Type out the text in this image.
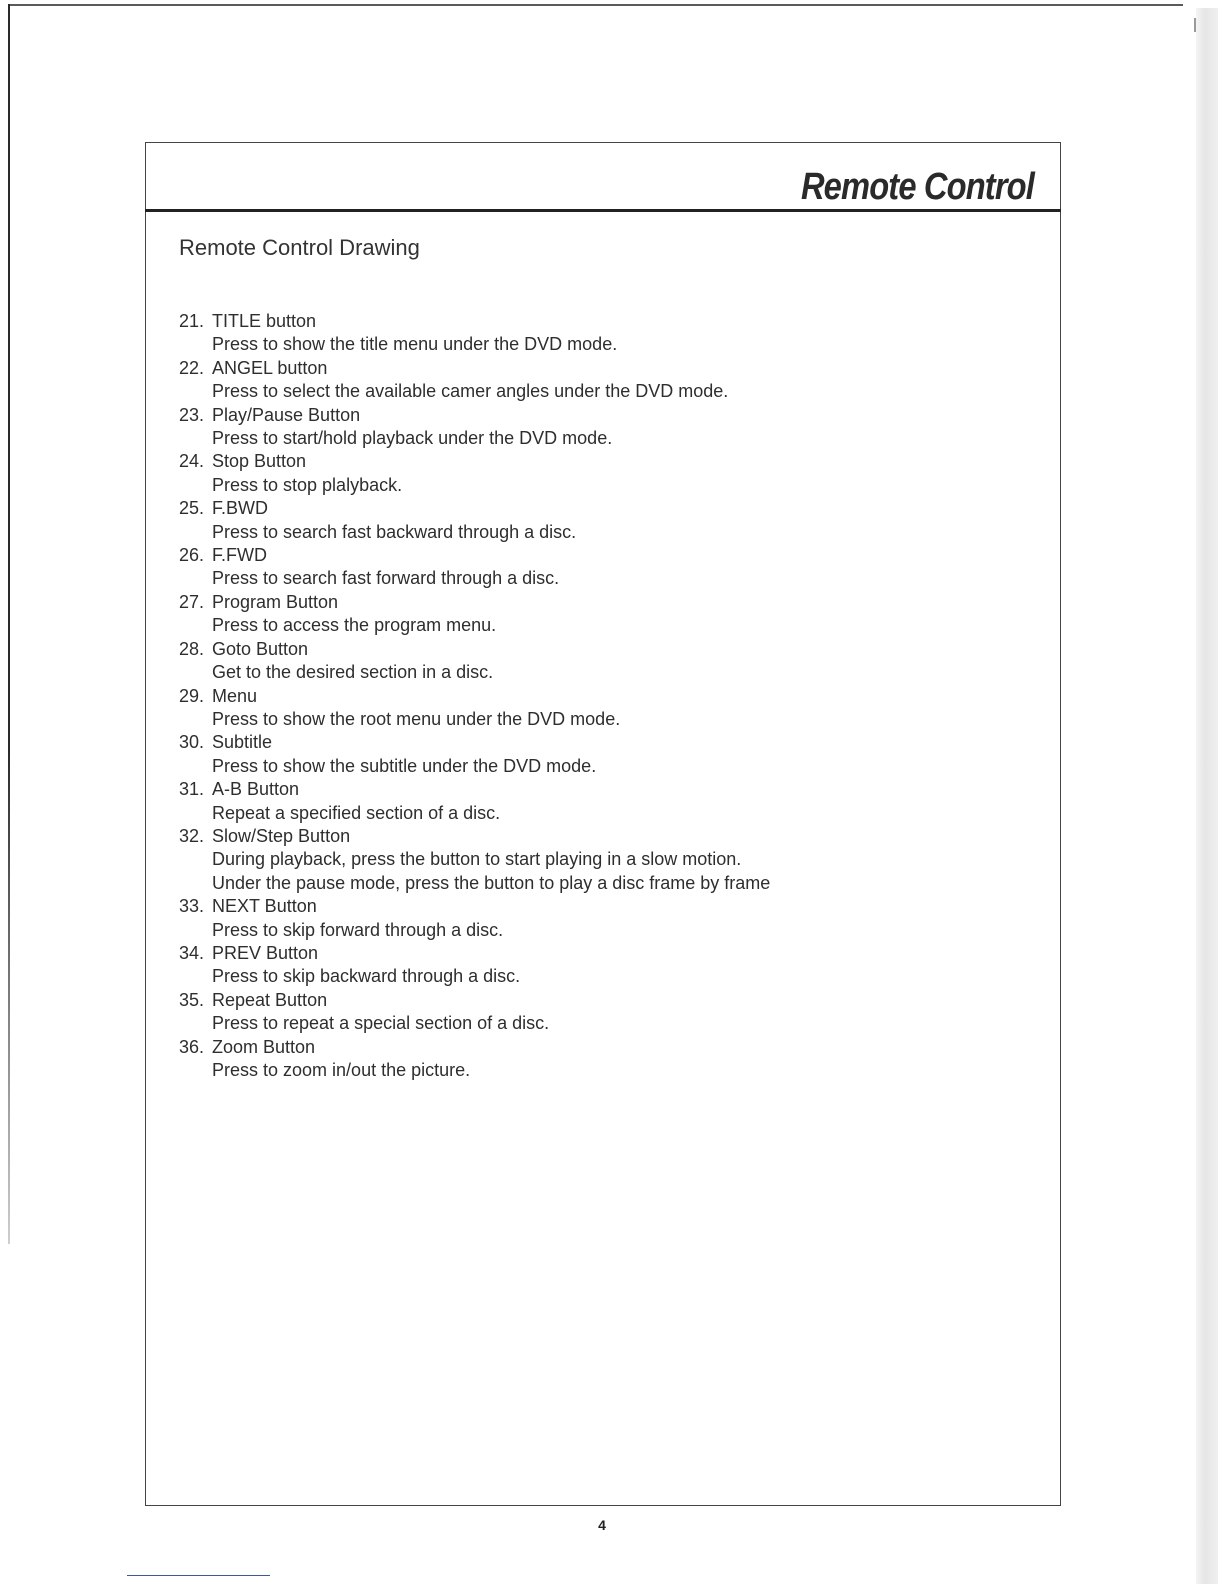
Remote Control
Remote Control Drawing
21. TITLE button
Press to show the title menu under the DVD mode.
22. ANGEL button
Press to select the available camer angles under the DVD mode.
23. Play/Pause Button
Press to start/hold playback under the DVD mode.
24. Stop Button
Press to stop plalyback.
25. F.BWD
Press to search fast backward through a disc.
26. F.FWD
Press to search fast forward through a disc.
27. Program Button
Press to access the program menu.
28. Goto Button
Get to the desired section in a disc.
29. Menu
Press to show the root menu under the DVD mode.
30. Subtitle
Press to show the subtitle under the DVD mode.
31. A-B Button
Repeat a specified section of a disc.
32. Slow/Step Button
During playback, press the button to start playing in a slow motion.
Under the pause mode, press the button to play a disc frame by frame
33. NEXT Button
Press to skip forward through a disc.
34. PREV Button
Press to skip backward through a disc.
35. Repeat Button
Press to repeat a special section of a disc.
36. Zoom Button
Press to zoom in/out the picture.
4
